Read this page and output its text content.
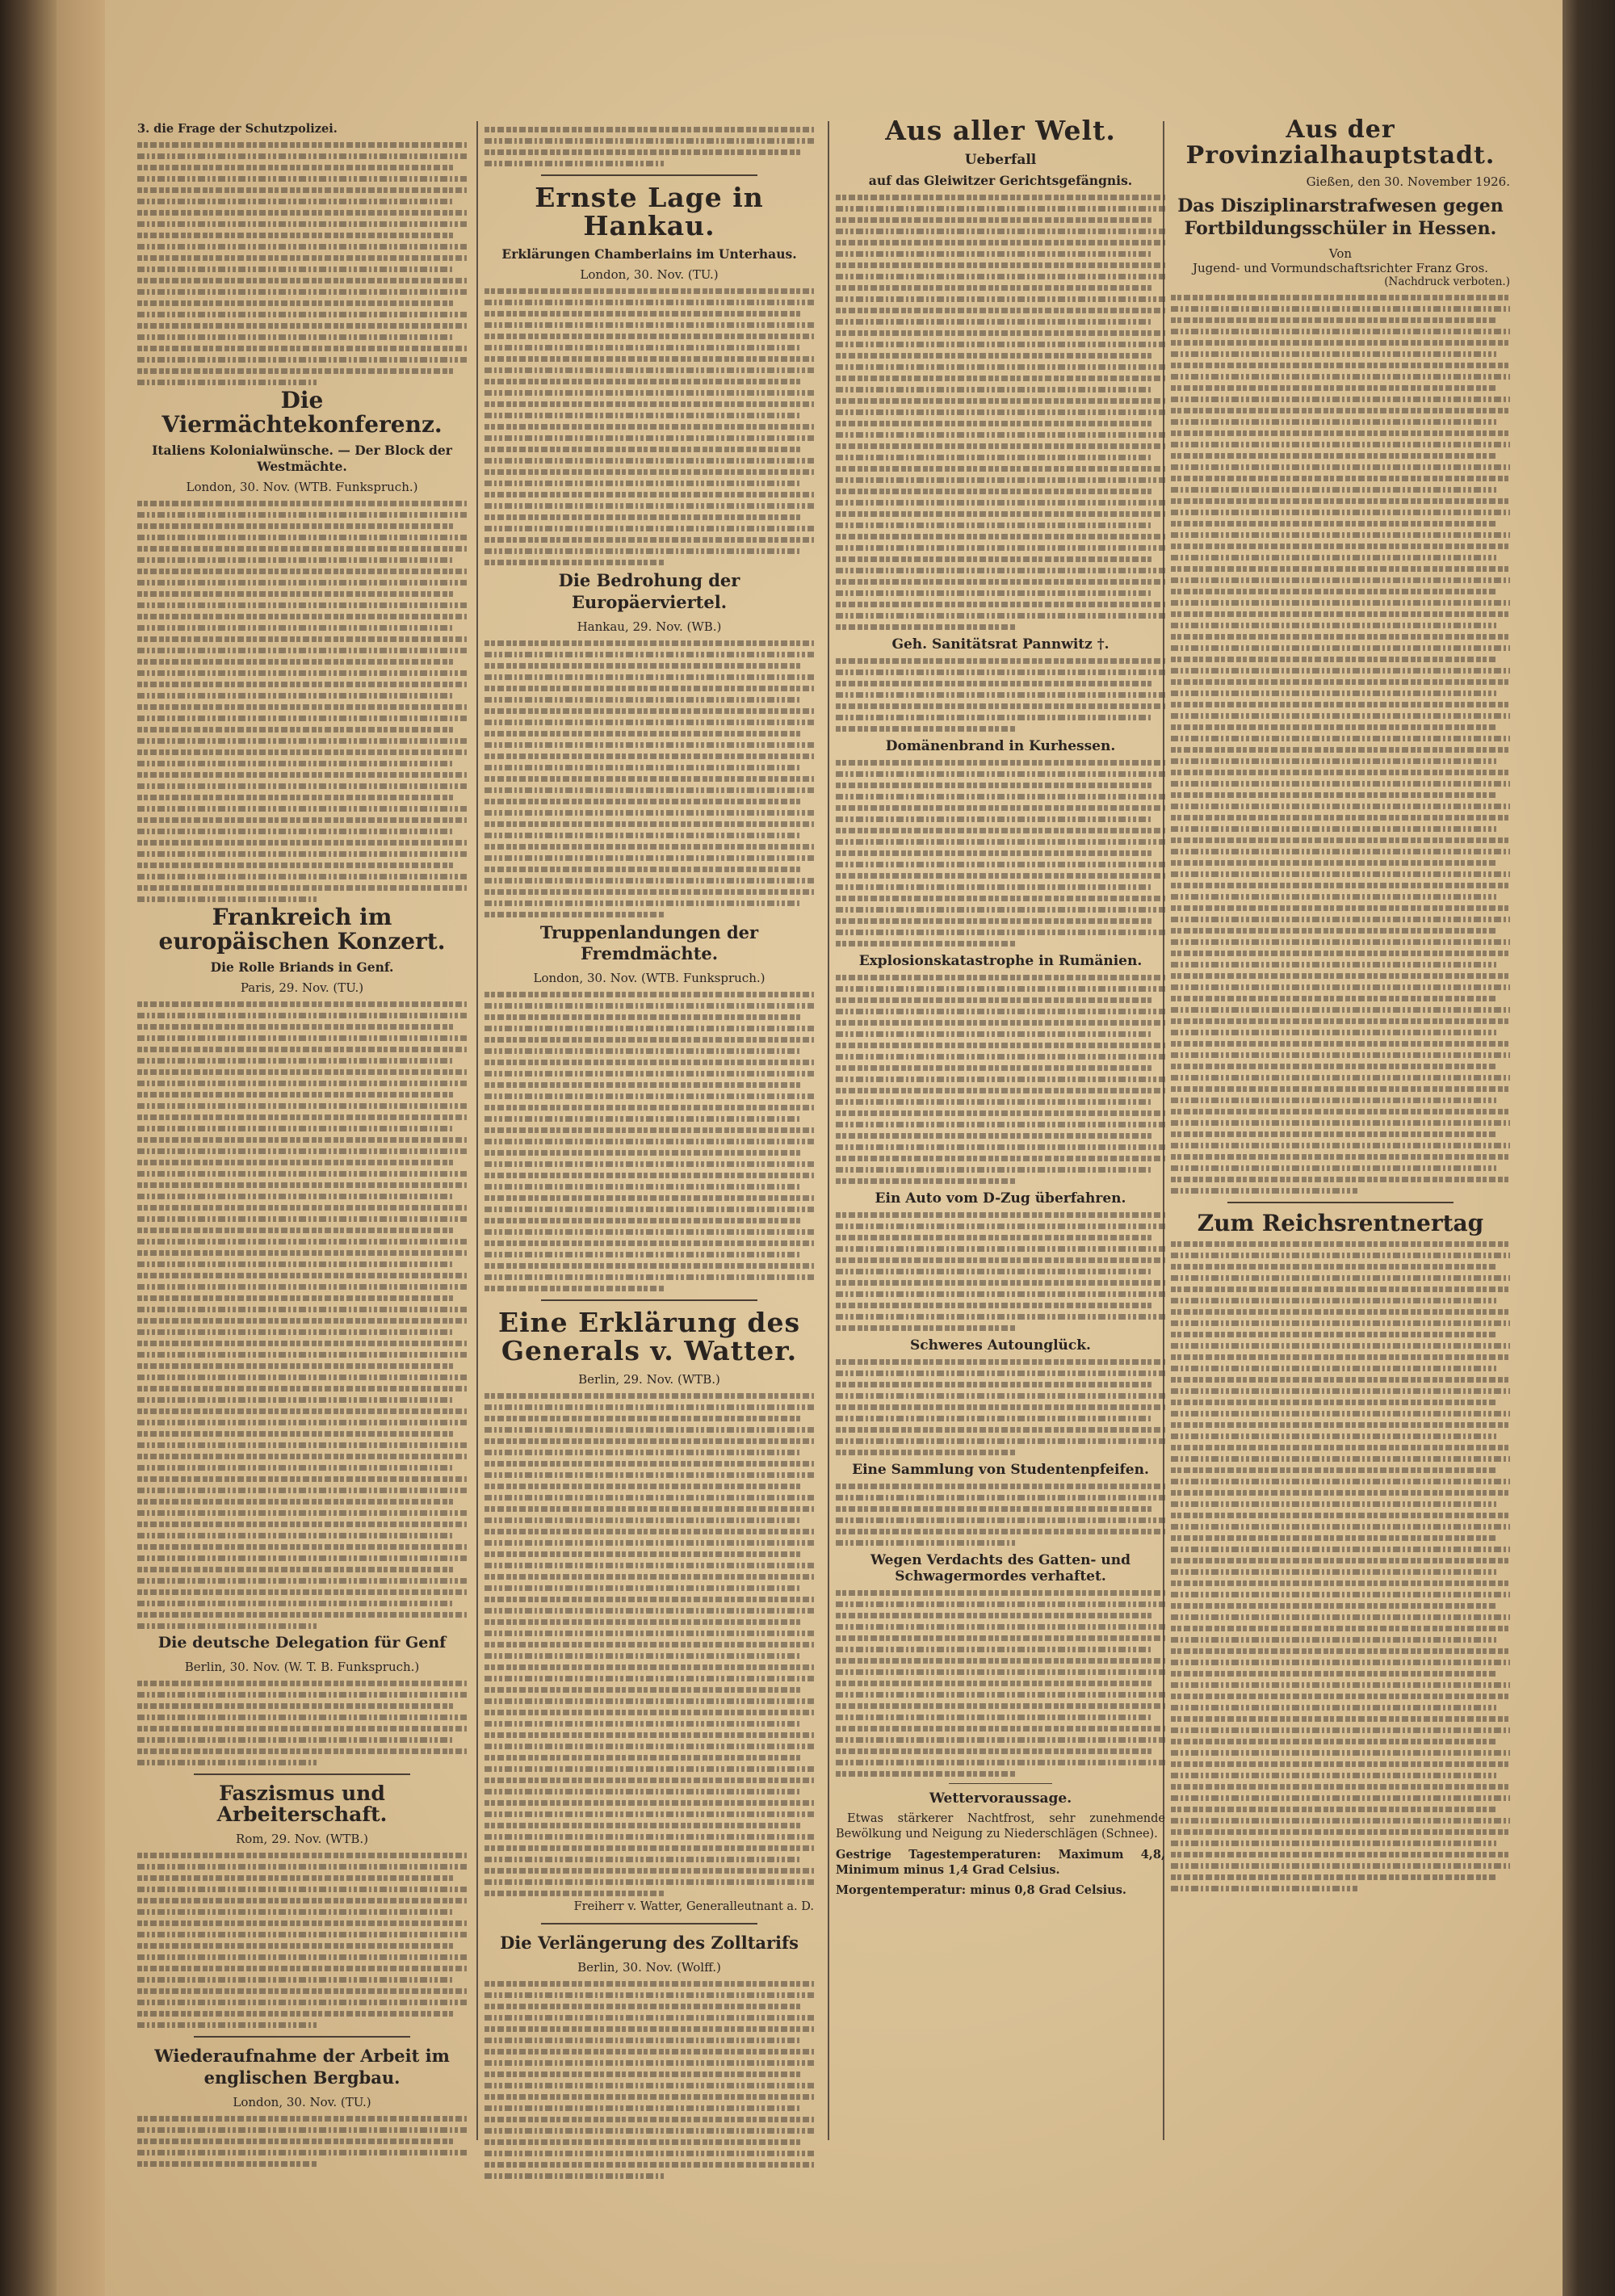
3. die Frage der Schutzpolizei.

Die Viermächtekonferenz.
Italiens Kolonialwünsche. — Der Block der Westmächte.
London, 30. Nov. (WTB. Funkspruch.)
Frankreich im europäischen Konzert.
Die Rolle Briands in Genf.
Paris, 29. Nov. (TU.)
Die deutsche Delegation für Genf
Berlin, 30. Nov. (W. T. B. Funkspruch.)
Faszismus und Arbeiterschaft.
Rom, 29. Nov. (WTB.)
Wiederaufnahme der Arbeit im englischen Bergbau.
London, 30. Nov. (TU.)
Ernste Lage in Hankau.
Erklärungen Chamberlains im Unterhaus.
London, 30. Nov. (TU.)
Die Bedrohung der Europäerviertel.
Hankau, 29. Nov. (WB.)
Truppenlandungen der Fremdmächte.
London, 30. Nov. (WTB. Funkspruch.)
Eine Erklärung des Generals v. Watter.
Berlin, 29. Nov. (WTB.)

Freiherr v. Watter, Generalleutnant a. D.

Die Verlängerung des Zolltarifs
Berlin, 30. Nov. (Wolff.)
Aus aller Welt.
Ueberfall
auf das Gleiwitzer Gerichtsgefängnis.
Geh. Sanitätsrat Pannwitz †.
Domänenbrand in Kurhessen.
Explosionskatastrophe in Rumänien.
Ein Auto vom D-Zug überfahren.
Schweres Autounglück.
Eine Sammlung von Studentenpfeifen.
Wegen Verdachts des Gatten- und Schwagermordes verhaftet.
Wettervoraussage.

Etwas stärkerer Nachtfrost, sehr zunehmende Bewölkung und Neigung zu Niederschlägen (Schnee).

Gestrige Tagestemperaturen: Maximum 4,8, Minimum minus 1,4 Grad Celsius.

Morgentemperatur: minus 0,8 Grad Celsius.

Aus der Provinzialhauptstadt.
Gießen, den 30. November 1926.
Das Disziplinarstrafwesen gegen Fortbildungsschüler in Hessen.
Von
Jugend- und Vormundschaftsrichter Franz Gros.
(Nachdruck verboten.)
Zum Reichsrentnertag
